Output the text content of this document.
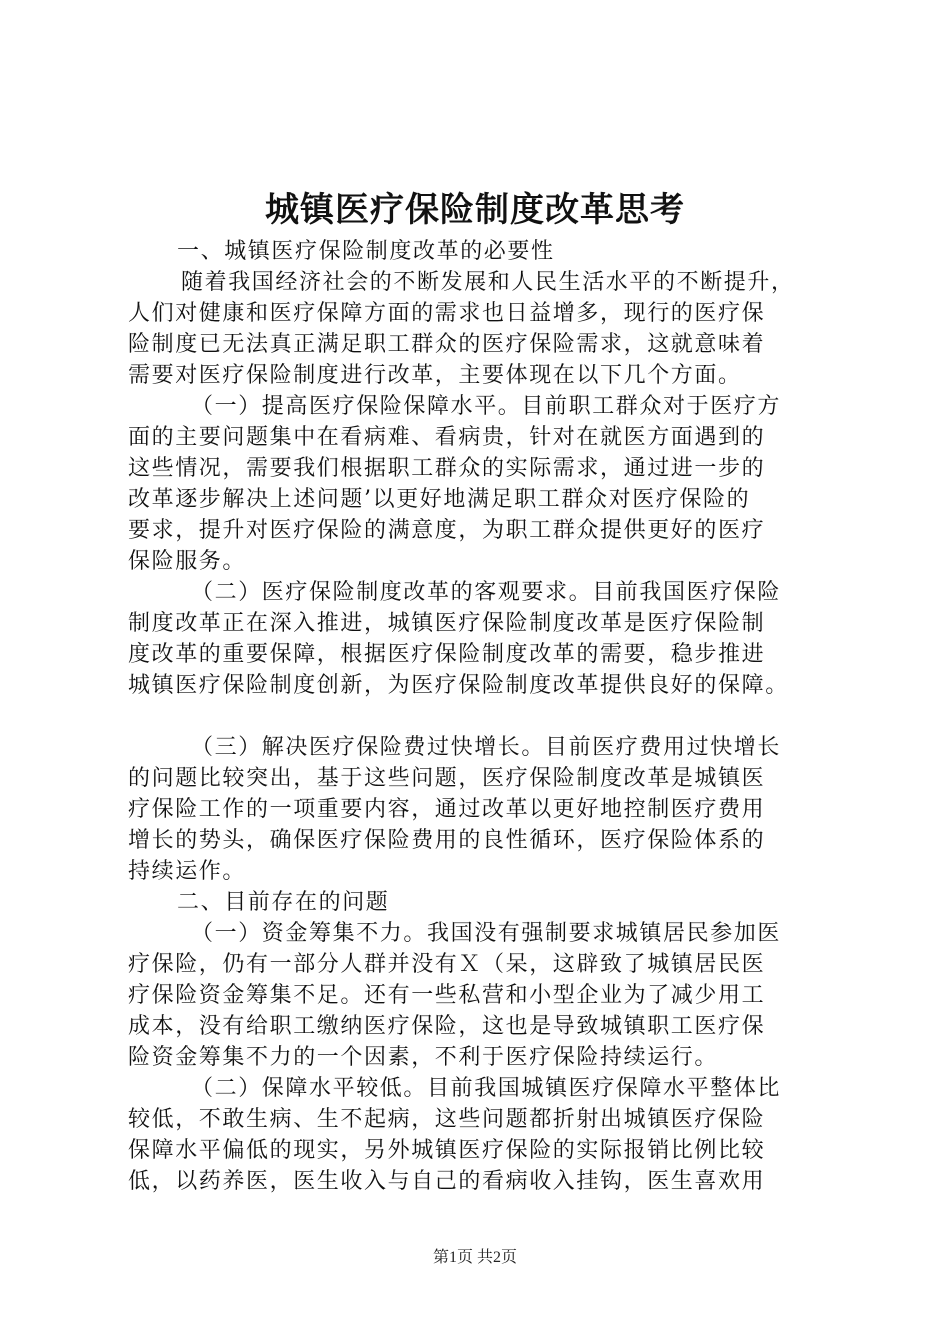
城镇医疗保险制度改革思考
一、城镇医疗保险制度改革的必要性
随着我国经济社会的不断发展和人民生活水平的不断提升，
人们对健康和医疗保障方面的需求也日益增多，现行的医疗保
险制度已无法真正满足职工群众的医疗保险需求，这就意味着
需要对医疗保险制度进行改革，主要体现在以下几个方面。
（一）提高医疗保险保障水平。目前职工群众对于医疗方
面的主要问题集中在看病难、看病贵，针对在就医方面遇到的
这些情况，需要我们根据职工群众的实际需求，通过进一步的
改革逐步解决上述问题’以更好地满足职工群众对医疗保险的
要求，提升对医疗保险的满意度，为职工群众提供更好的医疗
保险服务。
（二）医疗保险制度改革的客观要求。目前我国医疗保险
制度改革正在深入推进，城镇医疗保险制度改革是医疗保险制
度改革的重要保障，根据医疗保险制度改革的需要，稳步推进
城镇医疗保险制度创新，为医疗保险制度改革提供良好的保障。
（三）解决医疗保险费过快增长。目前医疗费用过快增长
的问题比较突出，基于这些问题，医疗保险制度改革是城镇医
疗保险工作的一项重要内容，通过改革以更好地控制医疗费用
增长的势头，确保医疗保险费用的良性循环，医疗保险体系的
持续运作。
二、目前存在的问题
（一）资金筹集不力。我国没有强制要求城镇居民参加医
疗保险，仍有一部分人群并没有Ｘ（呆，这辟致了城镇居民医
疗保险资金筹集不足。还有一些私营和小型企业为了减少用工
成本，没有给职工缴纳医疗保险，这也是导致城镇职工医疗保
险资金筹集不力的一个因素，不利于医疗保险持续运行。
（二）保障水平较低。目前我国城镇医疗保障水平整体比
较低，不敢生病、生不起病，这些问题都折射出城镇医疗保险
保障水平偏低的现实，另外城镇医疗保险的实际报销比例比较
低，以药养医，医生收入与自己的看病收入挂钩，医生喜欢用
第1页 共2页
